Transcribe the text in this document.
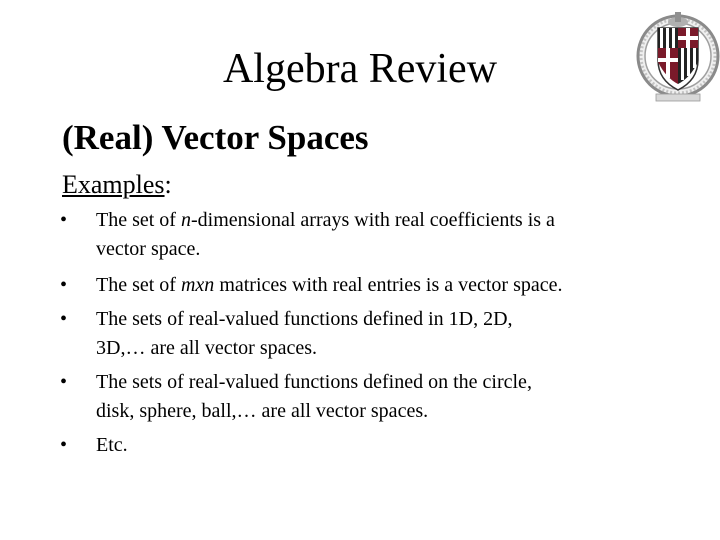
Algebra Review
(Real) Vector Spaces
Examples:
•	The set of n-dimensional arrays with real coefficients is a
vector space.
•	The set of mxn matrices with real entries is a vector space.
•	The sets of real-valued functions defined in 1D, 2D,
3D,… are all vector spaces.
•	The sets of real-valued functions defined on the circle,
disk, sphere, ball,… are all vector spaces.
•	Etc.
